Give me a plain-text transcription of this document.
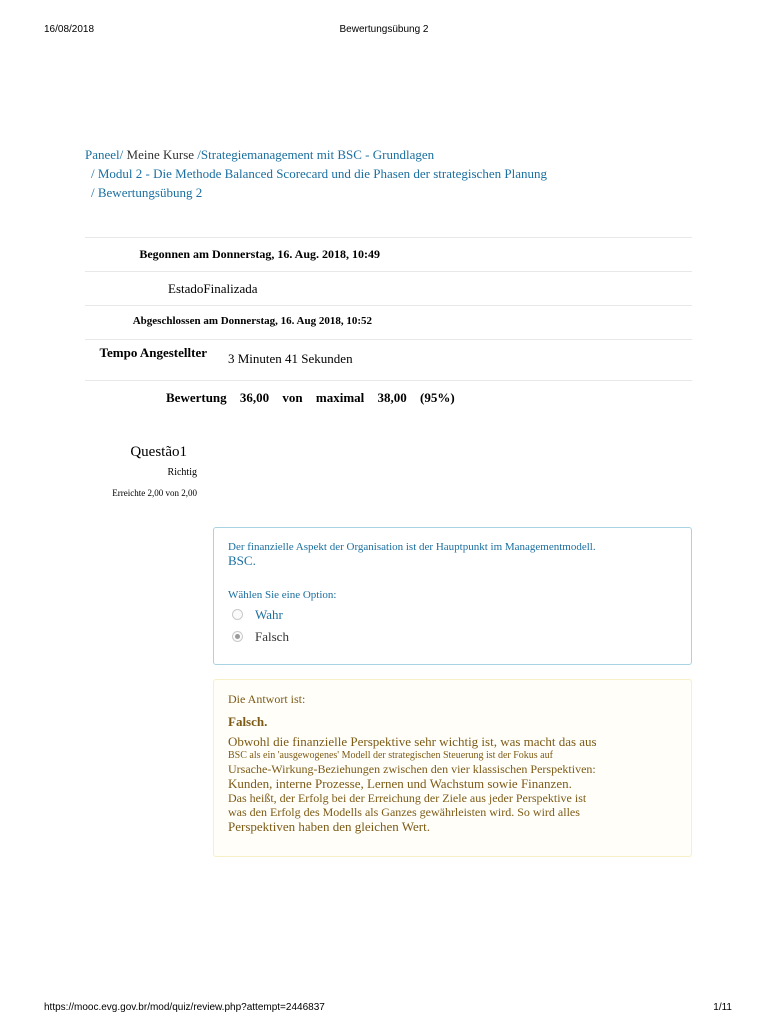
16/08/2018	Bewertungsübung 2
Paneel/ Meine Kurse /Strategiemanagement mit BSC - Grundlagen
/ Modul 2 - Die Methode Balanced Scorecard und die Phasen der strategischen Planung
/ Bewertungsübung 2
Begonnen am Donnerstag, 16. Aug. 2018, 10:49
EstadoFinalizada
Abgeschlossen am Donnerstag, 16. Aug 2018, 10:52
Tempo Angestellter 3 Minuten 41 Sekunden
Bewertung 36,00 von maximal 38,00 (95%)
Questão1
Richtig
Erreichte 2,00 von 2,00
Der finanzielle Aspekt der Organisation ist der Hauptpunkt im Managementmodell.
BSC.
Wählen Sie eine Option:
Wahr
Falsch
Die Antwort ist:
Falsch.
Obwohl die finanzielle Perspektive sehr wichtig ist, was macht das aus
BSC als ein 'ausgewogenes' Modell der strategischen Steuerung ist der Fokus auf
Ursache-Wirkung-Beziehungen zwischen den vier klassischen Perspektiven:
Kunden, interne Prozesse, Lernen und Wachstum sowie Finanzen.
Das heißt, der Erfolg bei der Erreichung der Ziele aus jeder Perspektive ist
was den Erfolg des Modells als Ganzes gewährleisten wird. So wird alles
Perspektiven haben den gleichen Wert.
https://mooc.evg.gov.br/mod/quiz/review.php?attempt=2446837	1/11
